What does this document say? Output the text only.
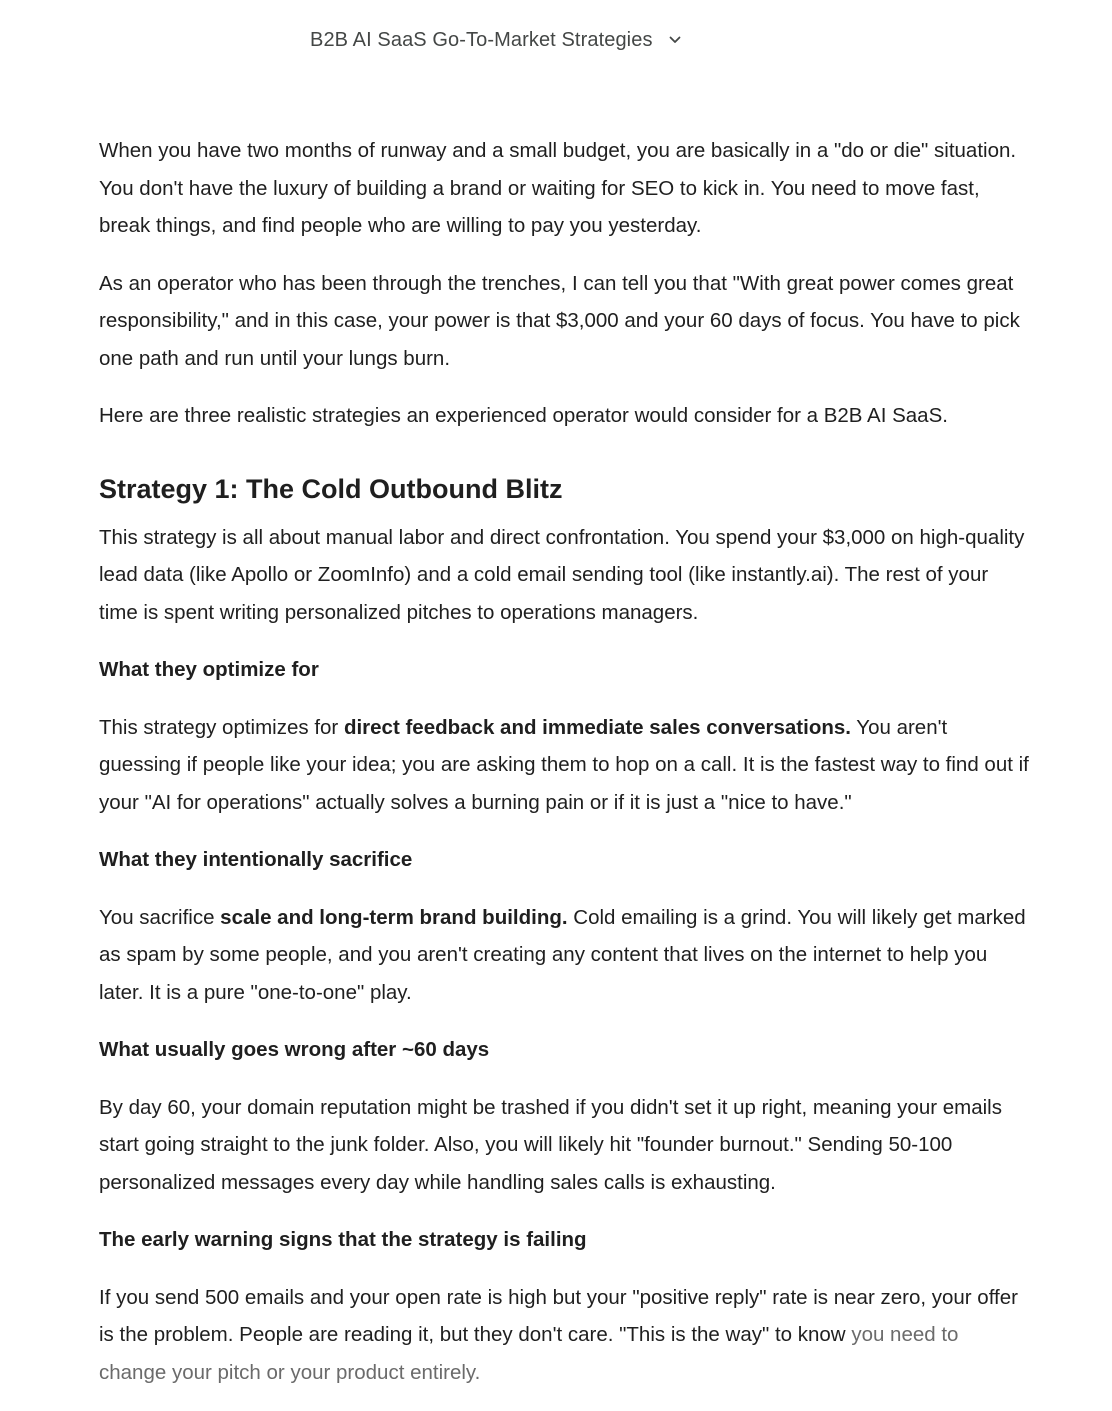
B2B AI SaaS Go-To-Market Strategies

When you have two months of runway and a small budget, you are basically in a "do or die" situation. You don't have the luxury of building a brand or waiting for SEO to kick in. You need to move fast, break things, and find people who are willing to pay you yesterday.

As an operator who has been through the trenches, I can tell you that "With great power comes great responsibility," and in this case, your power is that $3,000 and your 60 days of focus. You have to pick one path and run until your lungs burn.

Here are three realistic strategies an experienced operator would consider for a B2B AI SaaS.

Strategy 1: The Cold Outbound Blitz

This strategy is all about manual labor and direct confrontation. You spend your $3,000 on high-quality lead data (like Apollo or ZoomInfo) and a cold email sending tool (like instantly.ai). The rest of your time is spent writing personalized pitches to operations managers.

What they optimize for

This strategy optimizes for direct feedback and immediate sales conversations. You aren't guessing if people like your idea; you are asking them to hop on a call. It is the fastest way to find out if your "AI for operations" actually solves a burning pain or if it is just a "nice to have."

What they intentionally sacrifice

You sacrifice scale and long-term brand building. Cold emailing is a grind. You will likely get marked as spam by some people, and you aren't creating any content that lives on the internet to help you later. It is a pure "one-to-one" play.

What usually goes wrong after ~60 days

By day 60, your domain reputation might be trashed if you didn't set it up right, meaning your emails start going straight to the junk folder. Also, you will likely hit "founder burnout." Sending 50-100 personalized messages every day while handling sales calls is exhausting.

The early warning signs that the strategy is failing

If you send 500 emails and your open rate is high but your "positive reply" rate is near zero, your offer is the problem. People are reading it, but they don't care. "This is the way" to know you need to change your pitch or your product entirely.
